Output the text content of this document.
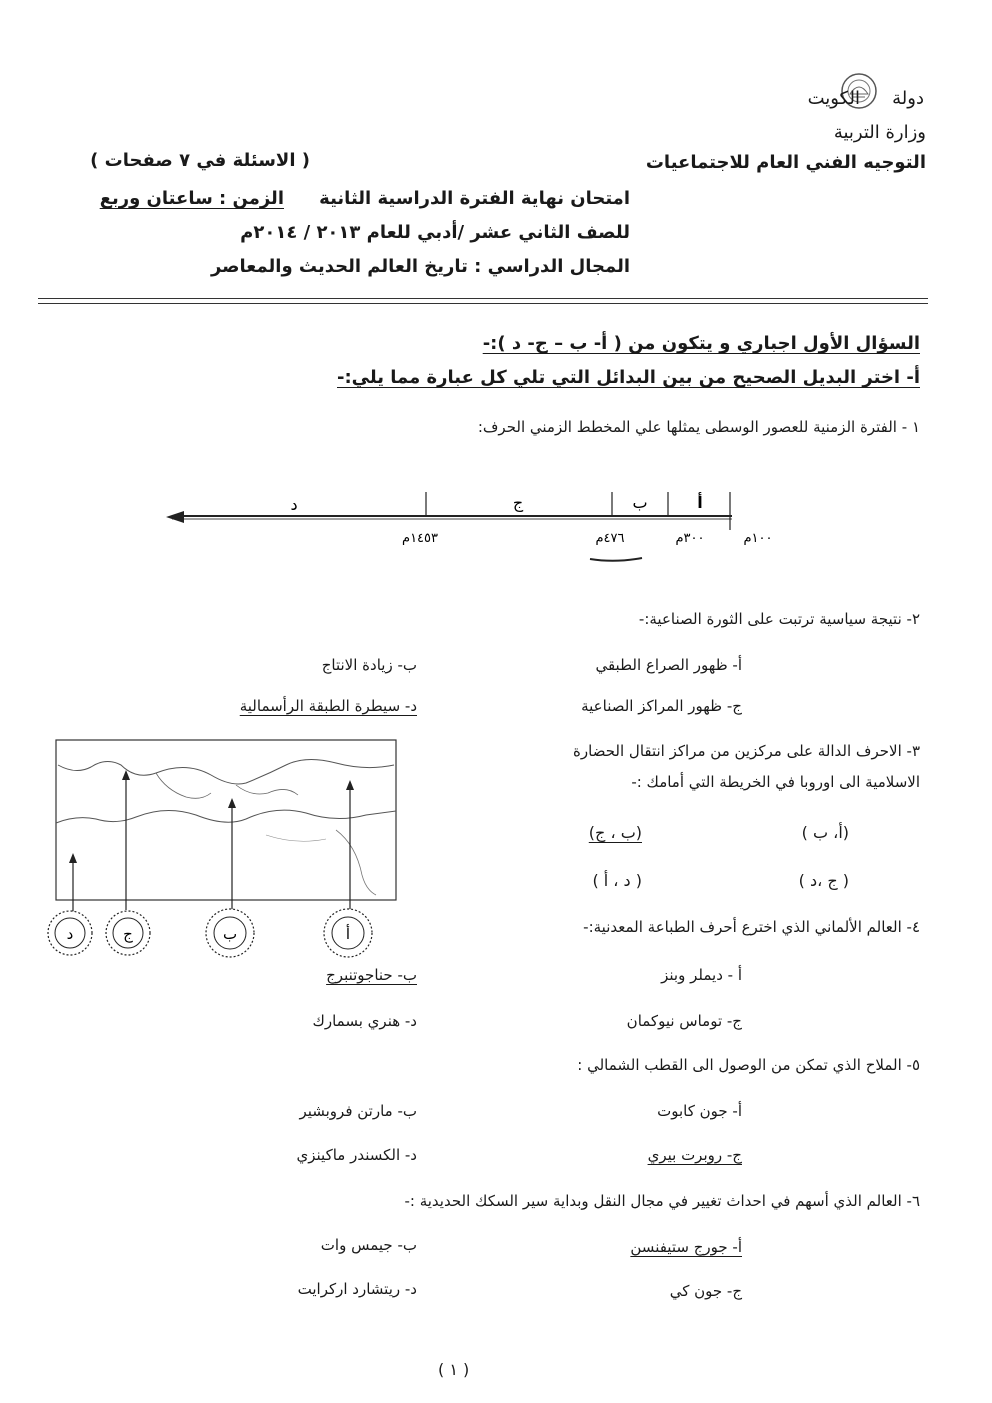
دولة
الكويت
وزارة التربية
التوجيه الفني العام للاجتماعيات
( الاسئلة في ٧ صفحات )
امتحان نهاية الفترة الدراسية الثانية
الزمن : ساعتان وربع
للصف الثاني عشر /أدبي للعام ٢٠١٣ / ٢٠١٤م
المجال الدراسي : تاريخ العالم الحديث والمعاصر
السؤال الأول اجباري و يتكون من ( أ- ب – ج- د ):-
أ- اختر البديل الصحيح من بين البدائل التي تلي كل عبارة مما يلي:-
١ - الفترة الزمنية للعصور الوسطى يمثلها علي المخطط الزمني الحرف:
د	ج	ب	أ
١٤٥٣م	٤٧٦م	٣٠٠م	١٠٠م
٢- نتيجة سياسية ترتبت على الثورة الصناعية:-
أ- ظهور الصراع الطبقي
ب- زيادة الانتاج
ج- ظهور المراكز الصناعية
د- سيطرة الطبقة الرأسمالية
٣- الاحرف الدالة على مركزين من مراكز انتقال الحضارة
الاسلامية الى اوروبا في الخريطة التي أمامك :-
(أ، ب )
(ب ، ج)
( ج ،د )
( د ، أ )
د	ج	ب	أ	٤- العالم الألماني الذي اخترع أحرف الطباعة المعدنية:-
أ - ديملر وبنز
ب- حناجوتنبرج
ج- توماس نيوكمان
د- هنري بسمارك
٥- الملاح الذي تمكن من الوصول الى القطب الشمالي :
أ- جون كابوت
ب- مارتن فروبشير
ج- روبرت بيري
د- الكسندر ماكينزي
٦- العالم الذي أسهم في احداث تغيير في مجال النقل وبداية سير السكك الحديدية :-
أ- جورج ستيفنسن
ب- جيمس وات
ج- جون كي
د- ريتشارد اركرايت
( ١ )
